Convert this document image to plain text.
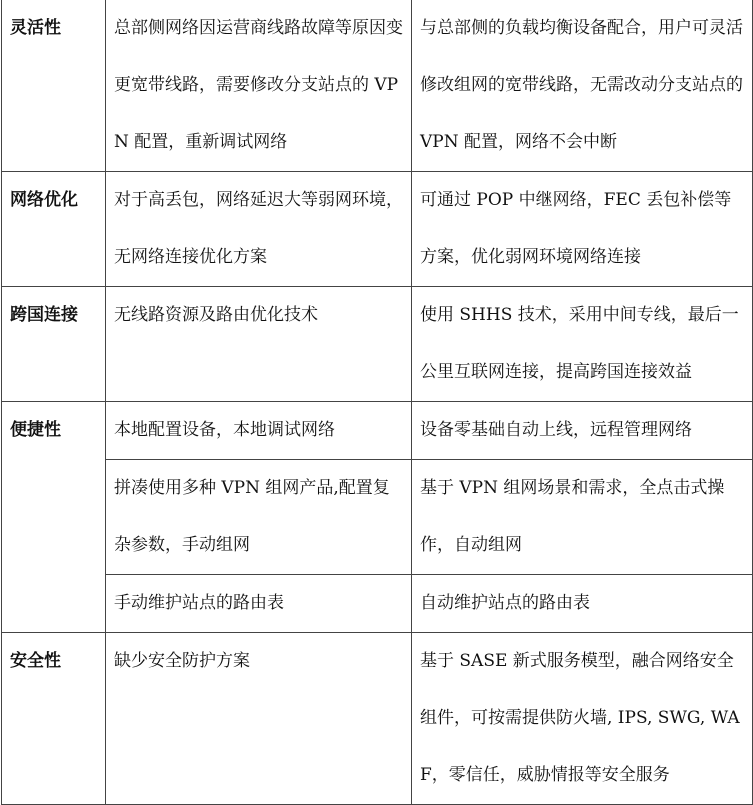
灵活性	总部侧网络因运营商线路故障等原因变更宽带线路，需要修改分支站点的 VPN 配置，重新调试网络	与总部侧的负载均衡设备配合，用户可灵活修改组网的宽带线路，无需改动分支站点的 VPN 配置，网络不会中断
网络优化	对于高丢包，网络延迟大等弱网环境，无网络连接优化方案	可通过 POP 中继网络，FEC 丢包补偿等方案，优化弱网环境网络连接
跨国连接	无线路资源及路由优化技术	使用 SHHS 技术，采用中间专线，最后一公里互联网连接，提高跨国连接效益
便捷性	本地配置设备，本地调试网络	设备零基础自动上线，远程管理网络
	拼凑使用多种 VPN 组网产品,配置复杂参数，手动组网	基于 VPN 组网场景和需求，全点击式操作，自动组网
	手动维护站点的路由表	自动维护站点的路由表
安全性	缺少安全防护方案	基于 SASE 新式服务模型，融合网络安全组件，可按需提供防火墙, IPS, SWG, WAF，零信任，威胁情报等安全服务
